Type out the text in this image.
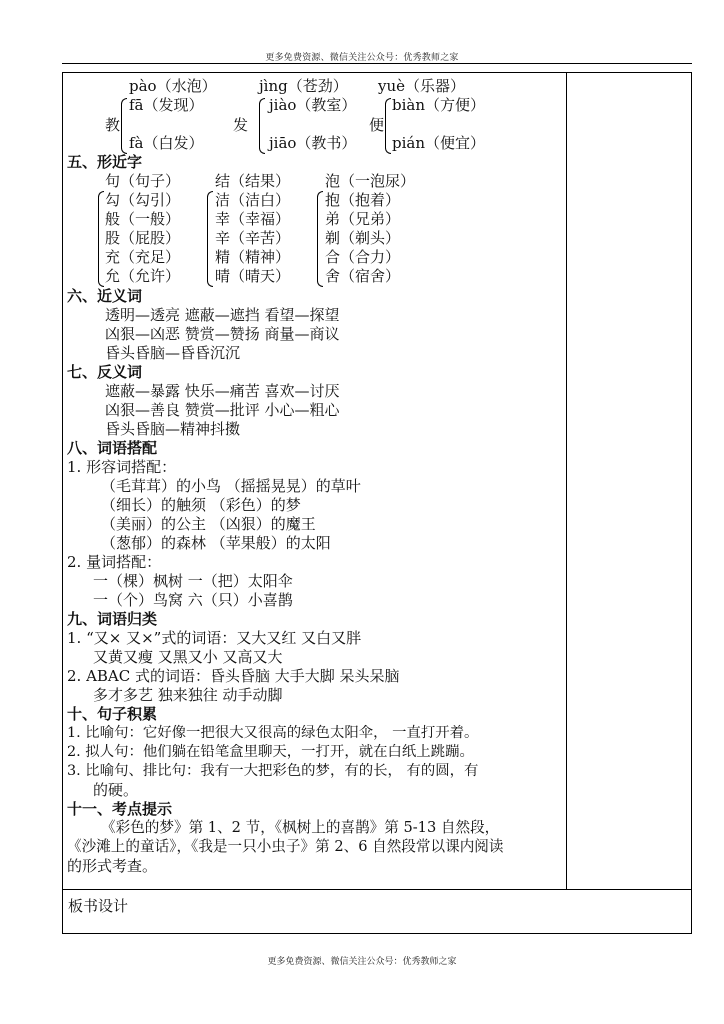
更多免费资源、微信关注公众号：优秀教师之家
pào（水泡）	jìng（苍劲） yuè（乐器）
fā（发现）
教
fà（白发）
jiào（教室）
发
jiāo（教书）
biàn（方便）
便
pián（便宜）
五、形近字
句（句子）
勾（勾引）
般（一般）
股（屁股）
充（充足）
允（允许）
结（结果）
洁（洁白）
幸（幸福）
辛（辛苦）
精（精神）
晴（晴天）
泡（一泡尿）
抱（抱着）
弟（兄弟）
剃（剃头）
合（合力）
舍（宿舍）
六、近义词
透明—透亮 遮蔽—遮挡 看望—探望
凶狠—凶恶 赞赏—赞扬 商量—商议
昏头昏脑—昏昏沉沉
七、反义词
遮蔽—暴露 快乐—痛苦 喜欢—讨厌
凶狠—善良 赞赏—批评 小心—粗心
昏头昏脑—精神抖擞
八、词语搭配
1. 形容词搭配：
（毛茸茸）的小鸟 （摇摇晃晃）的草叶
（细长）的触须 （彩色）的梦
（美丽）的公主 （凶狠）的魔王
（葱郁）的森林 （苹果般）的太阳
2. 量词搭配：
一（棵）枫树 一（把）太阳伞
一（个）鸟窝 六（只）小喜鹊
九、词语归类
1. “又× 又×”式的词语：又大又红 又白又胖
又黄又瘦 又黑又小 又高又大
2. ABAC 式的词语：昏头昏脑 大手大脚 呆头呆脑
多才多艺 独来独往 动手动脚
十、句子积累
1. 比喻句：它好像一把很大又很高的绿色太阳伞， 一直打开着。
2. 拟人句：他们躺在铅笔盒里聊天，一打开，就在白纸上跳蹦。
3. 比喻句、排比句：我有一大把彩色的梦，有的长， 有的圆，有
的硬。
十一、考点提示
《彩色的梦》第 1、2 节，《枫树上的喜鹊》第 5-13 自然段，
《沙滩上的童话》，《我是一只小虫子》第 2、6 自然段常以课内阅读
的形式考查。
板书设计
更多免费资源、微信关注公众号：优秀教师之家
